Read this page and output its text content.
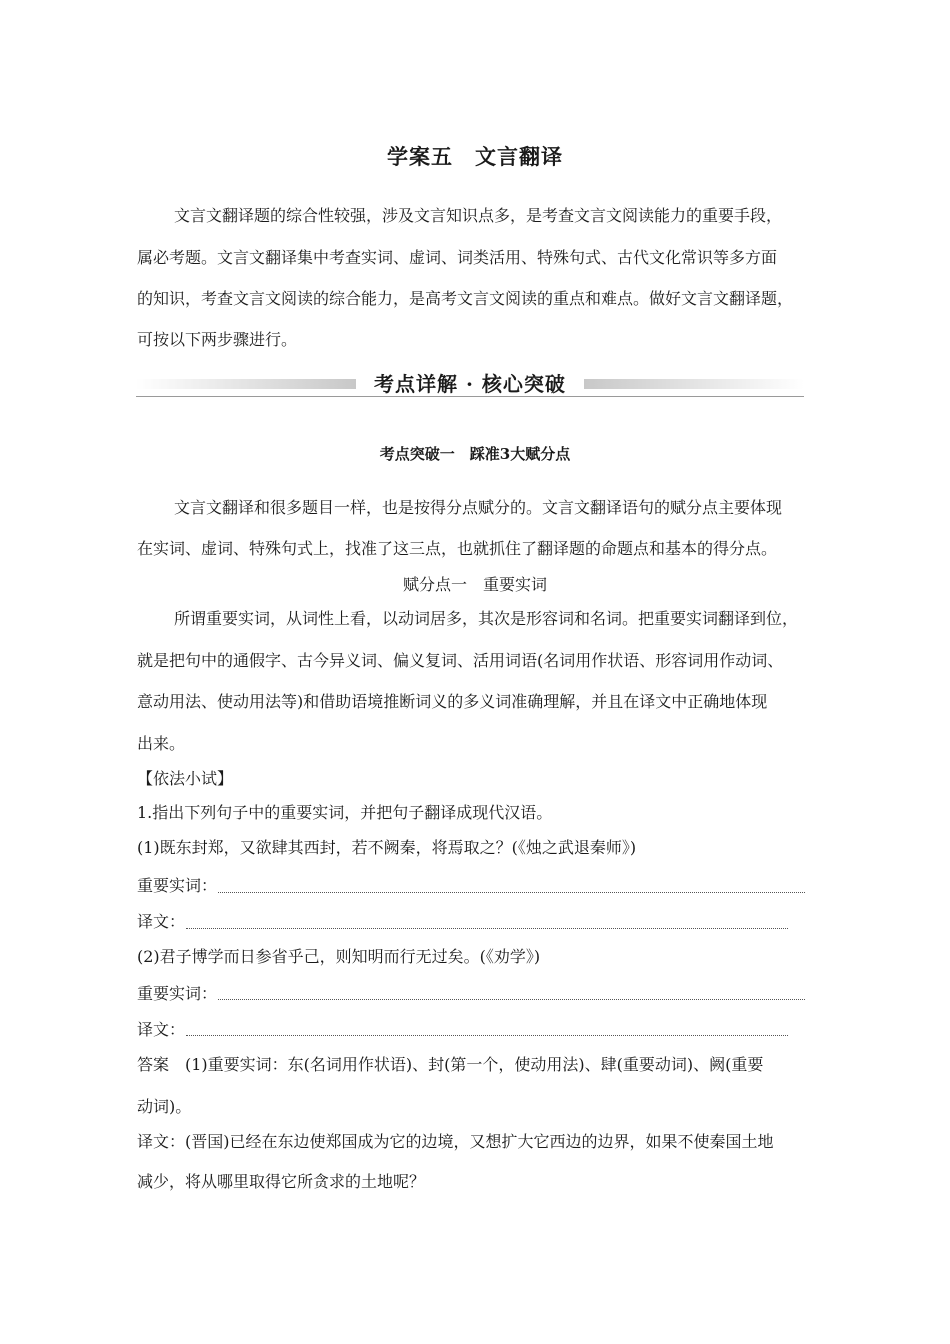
学案五　文言翻译
文言文翻译题的综合性较强，涉及文言知识点多，是考查文言文阅读能力的重要手段，
属必考题。文言文翻译集中考查实词、虚词、词类活用、特殊句式、古代文化常识等多方面
的知识，考查文言文阅读的综合能力，是高考文言文阅读的重点和难点。做好文言文翻译题，
可按以下两步骤进行。
考点详解 · 核心突破
考点突破一　踩准3大赋分点
文言文翻译和很多题目一样，也是按得分点赋分的。文言文翻译语句的赋分点主要体现
在实词、虚词、特殊句式上，找准了这三点，也就抓住了翻译题的命题点和基本的得分点。
赋分点一　重要实词
所谓重要实词，从词性上看，以动词居多，其次是形容词和名词。把重要实词翻译到位，
就是把句中的通假字、古今异义词、偏义复词、活用词语(名词用作状语、形容词用作动词、
意动用法、使动用法等)和借助语境推断词义的多义词准确理解，并且在译文中正确地体现
出来。
【依法小试】
1.指出下列句子中的重要实词，并把句子翻译成现代汉语。
(1)既东封郑，又欲肆其西封，若不阙秦，将焉取之？(《烛之武退秦师》)
重要实词：
译文：
(2)君子博学而日参省乎己，则知明而行无过矣。(《劝学》)
重要实词：
译文：
答案　(1)重要实词：东(名词用作状语)、封(第一个，使动用法)、肆(重要动词)、阙(重要
动词)。
译文：(晋国)已经在东边使郑国成为它的边境，又想扩大它西边的边界，如果不使秦国土地
减少，将从哪里取得它所贪求的土地呢？
